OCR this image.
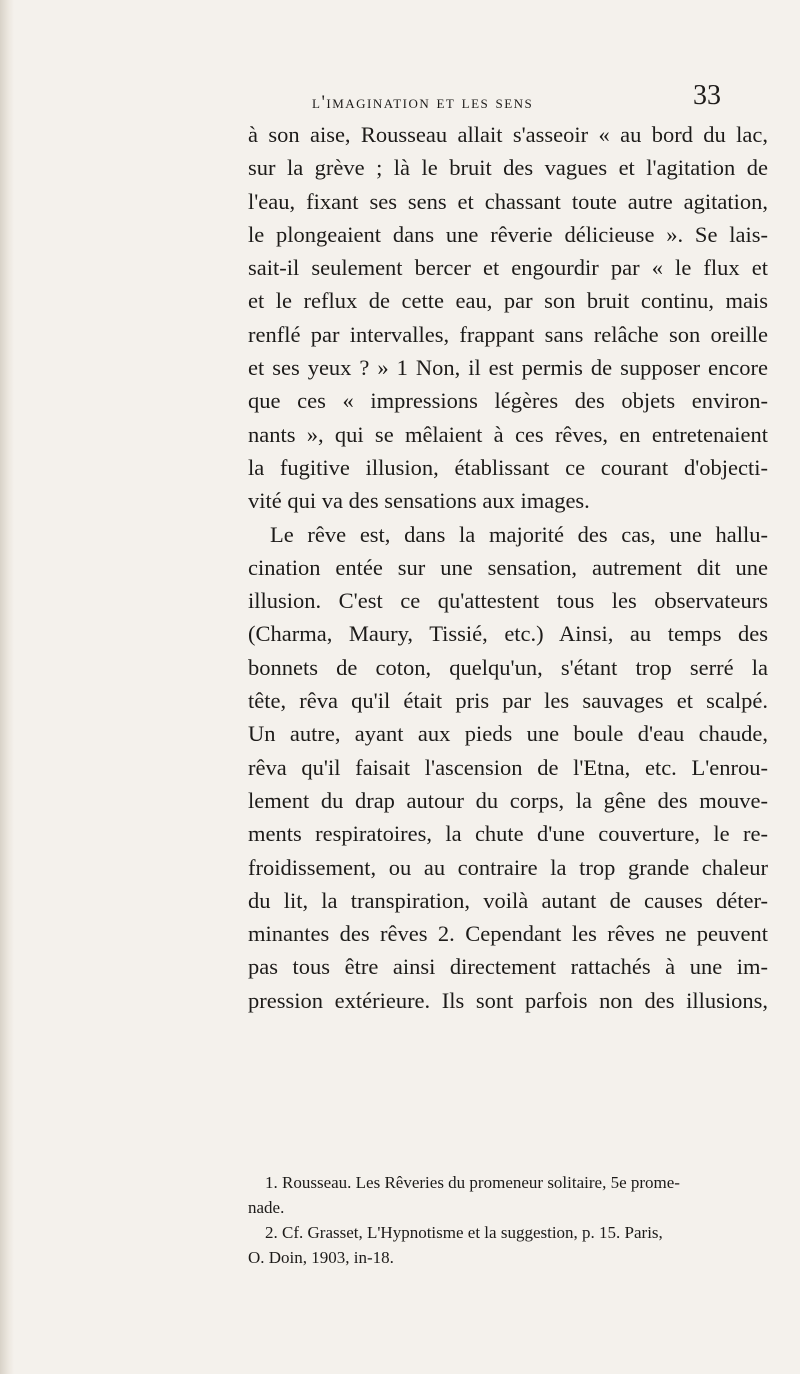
l'imagination et les sens	33
à son aise, Rousseau allait s'asseoir « au bord du lac,
sur la grève ; là le bruit des vagues et l'agitation de
l'eau, fixant ses sens et chassant toute autre agitation,
le plongeaient dans une rêverie délicieuse ». Se lais-
sait-il seulement bercer et engourdir par « le flux et
et le reflux de cette eau, par son bruit continu, mais
renflé par intervalles, frappant sans relâche son oreille
et ses yeux ? » 1 Non, il est permis de supposer encore
que ces « impressions légères des objets environ-
nants », qui se mêlaient à ces rêves, en entretenaient
la fugitive illusion, établissant ce courant d'objecti-
vité qui va des sensations aux images.
Le rêve est, dans la majorité des cas, une hallu-
cination entée sur une sensation, autrement dit une
illusion. C'est ce qu'attestent tous les observateurs
(Charma, Maury, Tissié, etc.) Ainsi, au temps des
bonnets de coton, quelqu'un, s'étant trop serré la
tête, rêva qu'il était pris par les sauvages et scalpé.
Un autre, ayant aux pieds une boule d'eau chaude,
rêva qu'il faisait l'ascension de l'Etna, etc. L'enrou-
lement du drap autour du corps, la gêne des mouve-
ments respiratoires, la chute d'une couverture, le re-
froidissement, ou au contraire la trop grande chaleur
du lit, la transpiration, voilà autant de causes déter-
minantes des rêves 2. Cependant les rêves ne peuvent
pas tous être ainsi directement rattachés à une im-
pression extérieure. Ils sont parfois non des illusions,
1. Rousseau. Les Rêveries du promeneur solitaire, 5e prome-
nade.
2. Cf. Grasset, L'Hypnotisme et la suggestion, p. 15. Paris,
O. Doin, 1903, in-18.
